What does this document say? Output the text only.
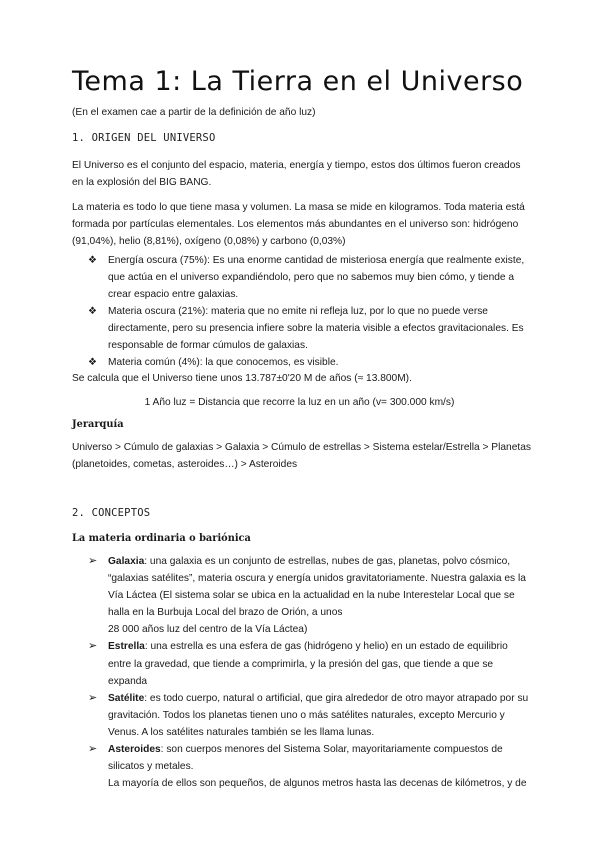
Tema 1: La Tierra en el Universo
(En el examen cae a partir de la definición de año luz)
1. ORIGEN DEL UNIVERSO
El Universo es el conjunto del espacio, materia, energía y tiempo, estos dos últimos fueron creados en la explosión del BIG BANG.
La materia es todo lo que tiene masa y volumen. La masa se mide en kilogramos. Toda materia está formada por partículas elementales. Los elementos más abundantes en el universo son: hidrógeno (91,04%), helio (8,81%), oxígeno (0,08%) y carbono (0,03%)
❖ Energía oscura (75%): Es una enorme cantidad de misteriosa energía que realmente existe, que actúa en el universo expandiéndolo, pero que no sabemos muy bien cómo, y tiende a crear espacio entre galaxias.
❖ Materia oscura (21%): materia que no emite ni refleja luz, por lo que no puede verse directamente, pero su presencia infiere sobre la materia visible a efectos gravitacionales. Es responsable de formar cúmulos de galaxias.
❖ Materia común (4%): la que conocemos, es visible.
Se calcula que el Universo tiene unos 13.787±0'20 M de años (≈ 13.800M).
1 Año luz = Distancia que recorre la luz en un año (v= 300.000 km/s)
Jerarquía
Universo > Cúmulo de galaxias > Galaxia > Cúmulo de estrellas > Sistema estelar/Estrella > Planetas (planetoides, cometas, asteroides…) > Asteroides
2. CONCEPTOS
La materia ordinaria o bariónica
➢ Galaxia: una galaxia es un conjunto de estrellas, nubes de gas, planetas, polvo cósmico, “galaxias satélites”, materia oscura y energía unidos gravitatoriamente. Nuestra galaxia es la Vía Láctea (El sistema solar se ubica en la actualidad en la nube Interestelar Local que se halla en la Burbuja Local del brazo de Orión, a unos
28 000 años luz del centro de la Vía Láctea)
➢ Estrella: una estrella es una esfera de gas (hidrógeno y helio) en un estado de equilibrio entre la gravedad, que tiende a comprimirla, y la presión del gas, que tiende a que se expanda
➢ Satélite: es todo cuerpo, natural o artificial, que gira alrededor de otro mayor atrapado por su gravitación. Todos los planetas tienen uno o más satélites naturales, excepto Mercurio y Venus. A los satélites naturales también se les llama lunas.
➢ Asteroides: son cuerpos menores del Sistema Solar, mayoritariamente compuestos de silicatos y metales.
La mayoría de ellos son pequeños, de algunos metros hasta las decenas de kilómetros, y de
